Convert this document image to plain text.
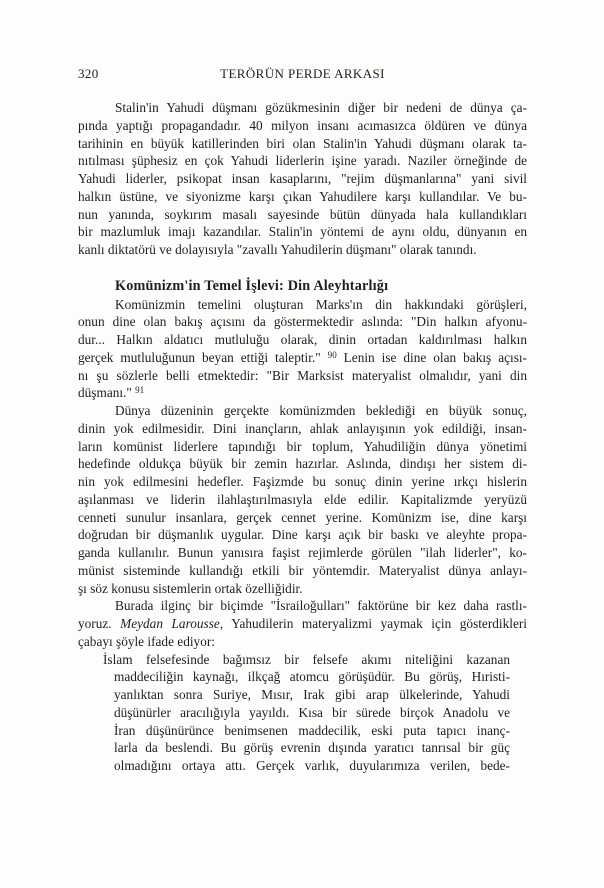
320	TERÖRÜN PERDE ARKASI
Stalin'in Yahudi düşmanı gözükmesinin diğer bir nedeni de dünya ça-
pında yaptığı propagandadır. 40 milyon insanı acımasızca öldüren ve dünya
tarihinin en büyük katillerinden biri olan Stalin'in Yahudi düşmanı olarak ta-
nıtılması şüphesiz en çok Yahudi liderlerin işine yaradı. Naziler örneğinde de
Yahudi liderler, psikopat insan kasaplarını, "rejim düşmanlarına" yani sivil
halkın üstüne, ve siyonizme karşı çıkan Yahudilere karşı kullandılar. Ve bu-
nun yanında, soykırım masalı sayesinde bütün dünyada hala kullandıkları
bir mazlumluk imajı kazandılar. Stalin'in yöntemi de aynı oldu, dünyanın en
kanlı diktatörü ve dolayısıyla "zavallı Yahudilerin düşmanı" olarak tanındı.
Komünizm'in Temel İşlevi: Din Aleyhtarlığı
Komünizmin temelini oluşturan Marks'ın din hakkındaki görüşleri,
onun dine olan bakış açısını da göstermektedir aslında: "Din halkın afyonu-
dur... Halkın aldatıcı mutluluğu olarak, dinin ortadan kaldırılması halkın
gerçek mutluluğunun beyan ettiği taleptir." $^{90}$ Lenin ise dine olan bakış açısı-
nı şu sözlerle belli etmektedir: "Bir Marksist materyalist olmalıdır, yani din
düşmanı." $^{91}$
Dünya düzeninin gerçekte komünizmden beklediği en büyük sonuç,
dinin yok edilmesidir. Dini inançların, ahlak anlayışının yok edildiği, insan-
ların komünist liderlere tapındığı bir toplum, Yahudiliğin dünya yönetimi
hedefinde oldukça büyük bir zemin hazırlar. Aslında, dindışı her sistem di-
nin yok edilmesini hedefler. Faşizmde bu sonuç dinin yerine ırkçı hislerin
aşılanması ve liderin ilahlaştırılmasıyla elde edilir. Kapitalizmde yeryüzü
cenneti sunulur insanlara, gerçek cennet yerine. Komünizm ise, dine karşı
doğrudan bir düşmanlık uygular. Dine karşı açık bir baskı ve aleyhte propa-
ganda kullanılır. Bunun yanısıra faşist rejimlerde görülen "ilah liderler", ko-
münist sisteminde kullandığı etkili bir yöntemdir. Materyalist dünya anlayı-
şı söz konusu sistemlerin ortak özelliğidir.
Burada ilginç bir biçimde "İsrailoğulları" faktörüne bir kez daha rastlı-
yoruz. Meydan Larousse, Yahudilerin materyalizmi yaymak için gösterdikleri
çabayı şöyle ifade ediyor:
İslam felsefesinde bağımsız bir felsefe akımı niteliğini kazanan
maddeciliğin kaynağı, ilkçağ atomcu görüşüdür. Bu görüş, Hıristi-
yanlıktan sonra Suriye, Mısır, Irak gibi arap ülkelerinde, Yahudi
düşünürler aracılığıyla yayıldı. Kısa bir sürede birçok Anadolu ve
İran düşünürünce benimsenen maddecilik, eski puta tapıcı inanç-
larla da beslendi. Bu görüş evrenin dışında yaratıcı tanrısal bir güç
olmadığını ortaya attı. Gerçek varlık, duyularımıza verilen, bede-
